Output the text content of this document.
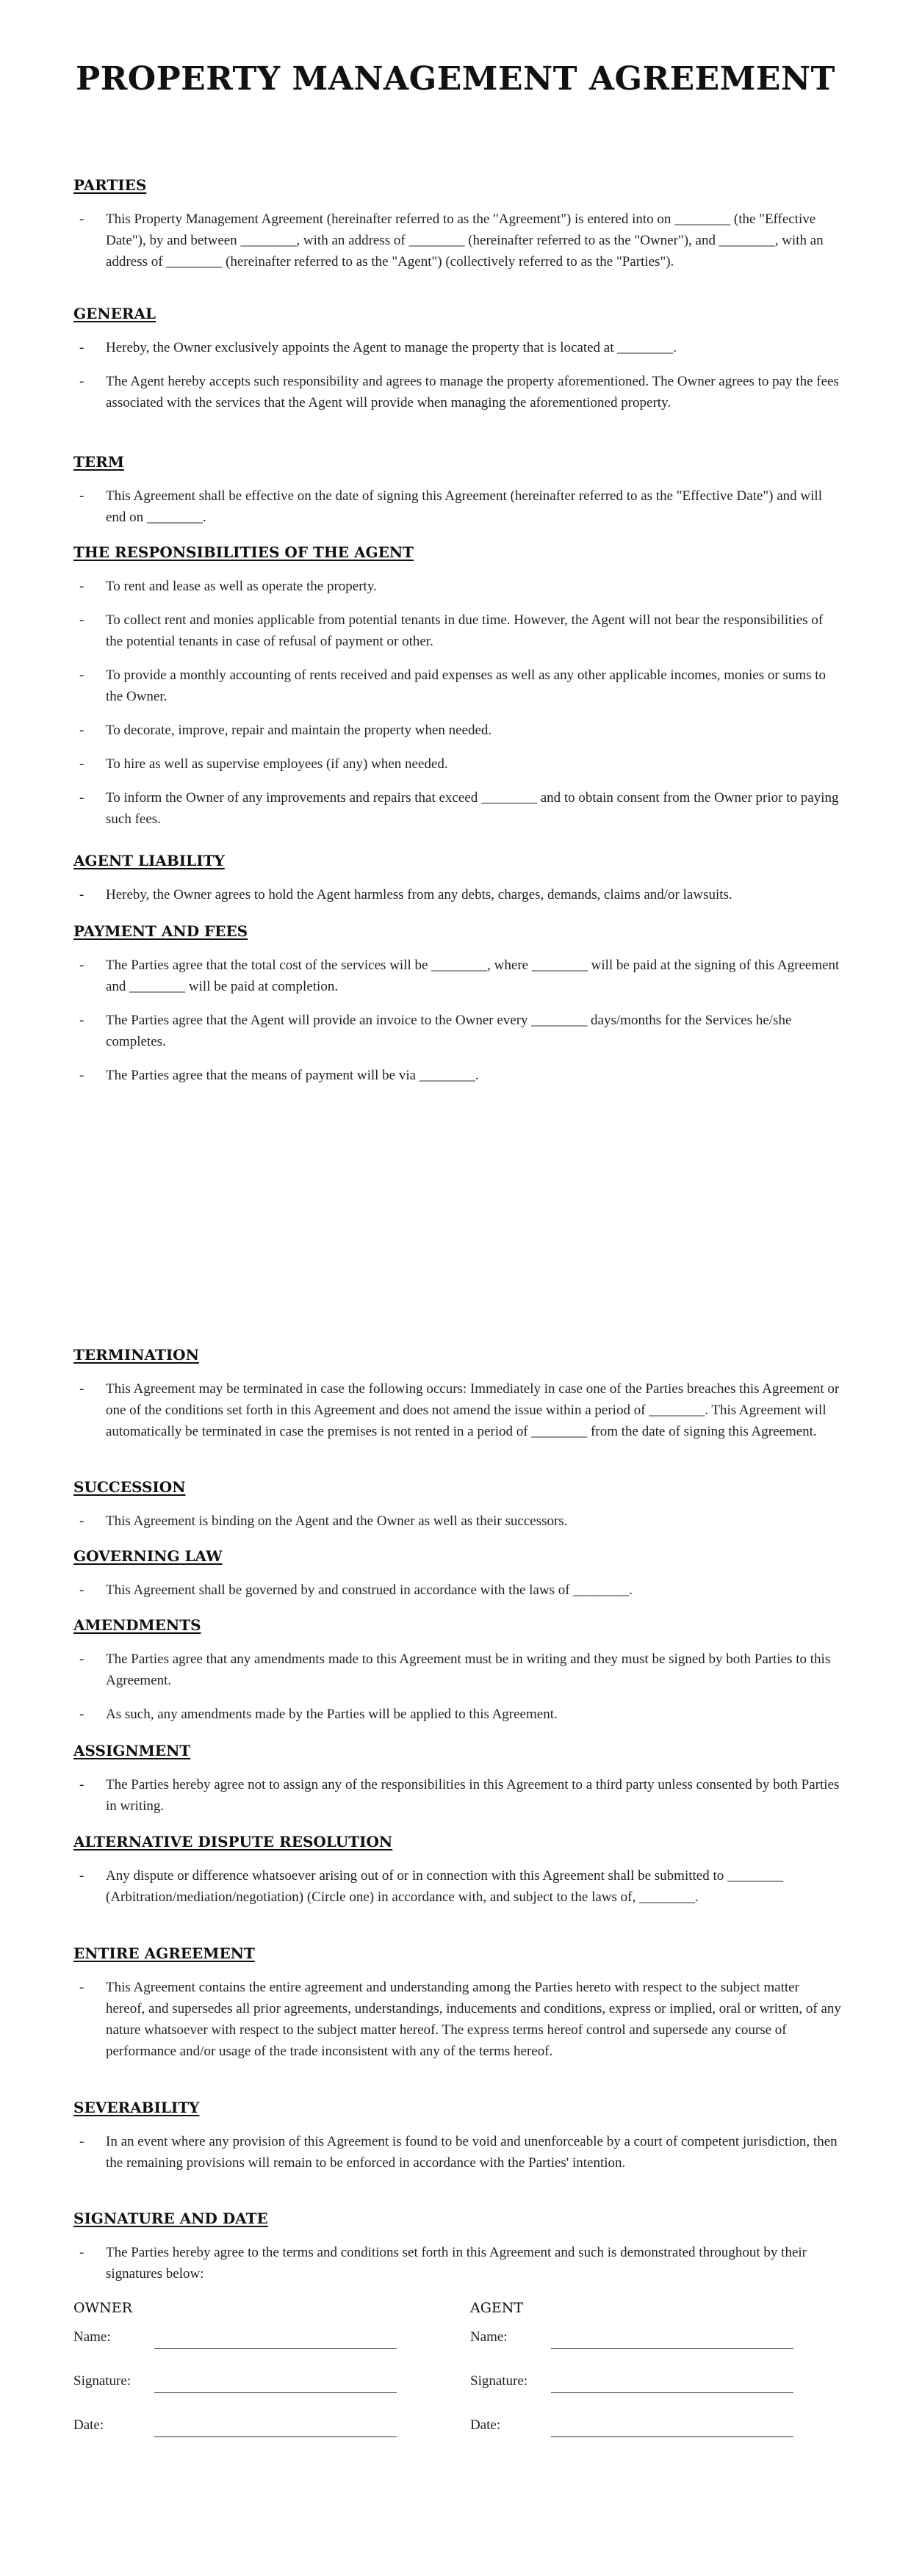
PROPERTY MANAGEMENT AGREEMENT
PARTIES
- This Property Management Agreement (hereinafter referred to as the "Agreement") is entered into on ________ (the "Effective Date"), by and between ________, with an address of ________ (hereinafter referred to as the "Owner"), and ________, with an address of ________ (hereinafter referred to as the "Agent") (collectively referred to as the "Parties").
GENERAL
- Hereby, the Owner exclusively appoints the Agent to manage the property that is located at ________.
- The Agent hereby accepts such responsibility and agrees to manage the property aforementioned. The Owner agrees to pay the fees associated with the services that the Agent will provide when managing the aforementioned property.
TERM
- This Agreement shall be effective on the date of signing this Agreement (hereinafter referred to as the "Effective Date") and will end on ________.
THE RESPONSIBILITIES OF THE AGENT
- To rent and lease as well as operate the property.
- To collect rent and monies applicable from potential tenants in due time. However, the Agent will not bear the responsibilities of the potential tenants in case of refusal of payment or other.
- To provide a monthly accounting of rents received and paid expenses as well as any other applicable incomes, monies or sums to the Owner.
- To decorate, improve, repair and maintain the property when needed.
- To hire as well as supervise employees (if any) when needed.
- To inform the Owner of any improvements and repairs that exceed ________ and to obtain consent from the Owner prior to paying such fees.
AGENT LIABILITY
- Hereby, the Owner agrees to hold the Agent harmless from any debts, charges, demands, claims and/or lawsuits.
PAYMENT AND FEES
- The Parties agree that the total cost of the services will be ________, where ________ will be paid at the signing of this Agreement and ________ will be paid at completion.
- The Parties agree that the Agent will provide an invoice to the Owner every ________ days/months for the Services he/she completes.
- The Parties agree that the means of payment will be via ________.
TERMINATION
- This Agreement may be terminated in case the following occurs: Immediately in case one of the Parties breaches this Agreement or one of the conditions set forth in this Agreement and does not amend the issue within a period of ________. This Agreement will automatically be terminated in case the premises is not rented in a period of ________ from the date of signing this Agreement.
SUCCESSION
- This Agreement is binding on the Agent and the Owner as well as their successors.
GOVERNING LAW
- This Agreement shall be governed by and construed in accordance with the laws of ________.
AMENDMENTS
- The Parties agree that any amendments made to this Agreement must be in writing and they must be signed by both Parties to this Agreement.
- As such, any amendments made by the Parties will be applied to this Agreement.
ASSIGNMENT
- The Parties hereby agree not to assign any of the responsibilities in this Agreement to a third party unless consented by both Parties in writing.
ALTERNATIVE DISPUTE RESOLUTION
- Any dispute or difference whatsoever arising out of or in connection with this Agreement shall be submitted to ________ (Arbitration/mediation/negotiation) (Circle one) in accordance with, and subject to the laws of, ________.
ENTIRE AGREEMENT
- This Agreement contains the entire agreement and understanding among the Parties hereto with respect to the subject matter hereof, and supersedes all prior agreements, understandings, inducements and conditions, express or implied, oral or written, of any nature whatsoever with respect to the subject matter hereof. The express terms hereof control and supersede any course of performance and/or usage of the trade inconsistent with any of the terms hereof.
SEVERABILITY
- In an event where any provision of this Agreement is found to be void and unenforceable by a court of competent jurisdiction, then the remaining provisions will remain to be enforced in accordance with the Parties' intention.
SIGNATURE AND DATE
- The Parties hereby agree to the terms and conditions set forth in this Agreement and such is demonstrated throughout by their signatures below:
OWNER
Name:
Signature:
Date:
AGENT
Name:
Signature:
Date:
